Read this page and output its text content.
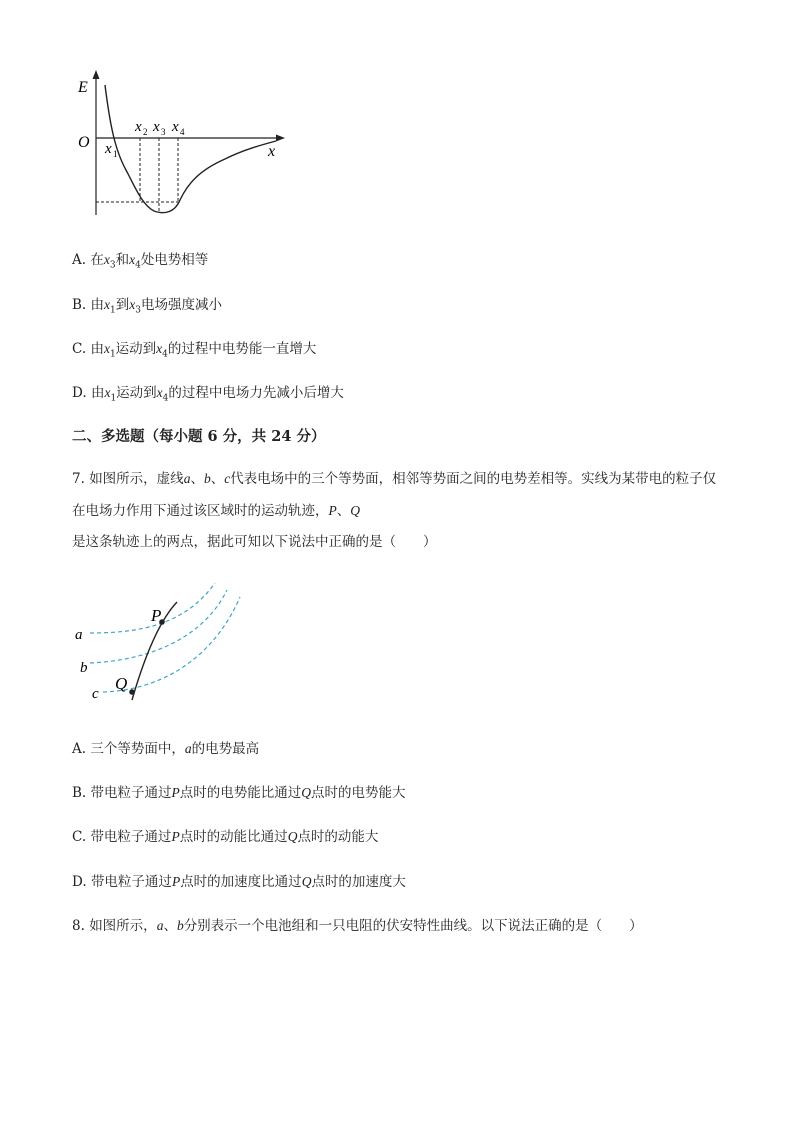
E
O
x
x 1
x 2 x 3 x 4
A. 在$x_3$和$x_4$处电势相等
B. 由$x_1$到$x_3$电场强度减小
C. 由$x_1$运动到$x_4$的过程中电势能一直增大
D. 由$x_1$运动到$x_4$的过程中电场力先减小后增大
二、多选题（每小题 6 分，共 24 分）
7. 如图所示，虚线a、b、c代表电场中的三个等势面，相邻等势面之间的电势差相等。实线为某带电的粒子仅在电场力作用下通过该区域时的运动轨迹，P、Q是这条轨迹上的两点，据此可知以下说法中正确的是（　　）
a
b
c
P
Q
A. 三个等势面中，a的电势最高
B. 带电粒子通过P点时的电势能比通过Q点时的电势能大
C. 带电粒子通过P点时的动能比通过Q点时的动能大
D. 带电粒子通过P点时的加速度比通过Q点时的加速度大
8. 如图所示，a、b分别表示一个电池组和一只电阻的伏安特性曲线。以下说法正确的是（　　）
